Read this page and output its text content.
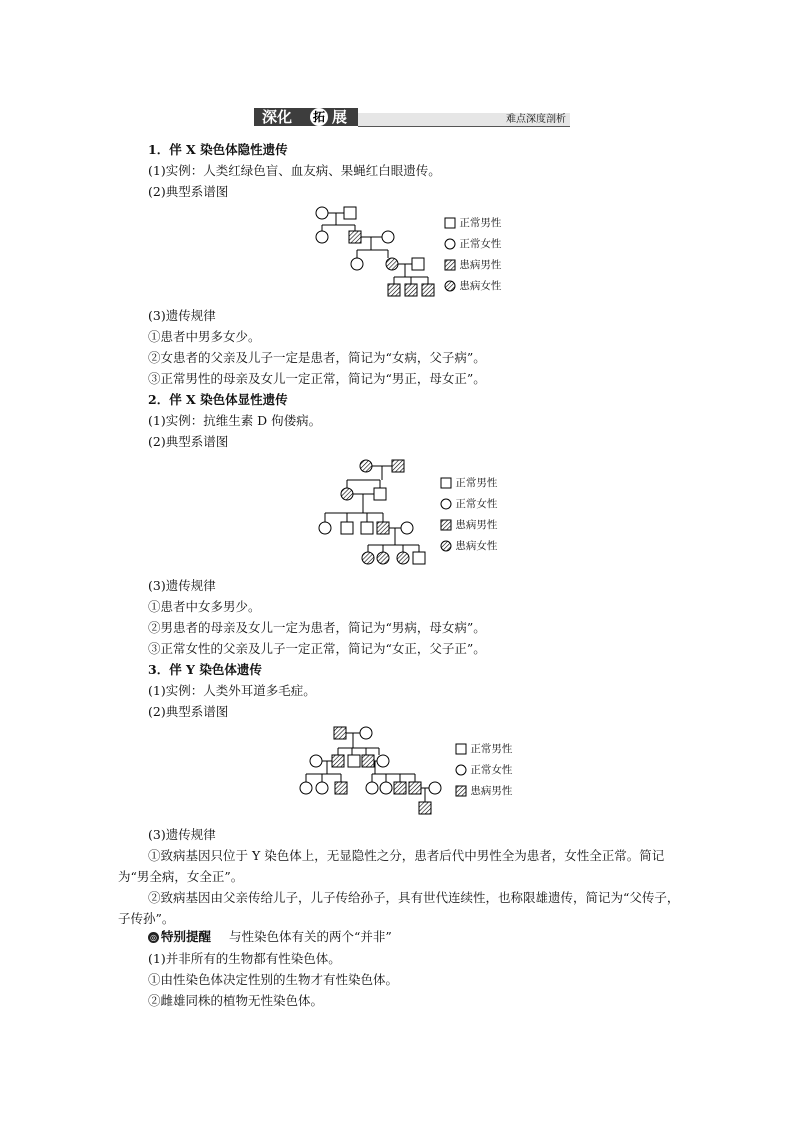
深化 拓 展	难点深度剖析
1．伴 X 染色体隐性遗传
(1)实例：人类红绿色盲、血友病、果蝇红白眼遗传。
(2)典型系谱图
正常男性
正常女性
患病男性
患病女性
(3)遗传规律
①患者中男多女少。
②女患者的父亲及儿子一定是患者，简记为“女病，父子病”。
③正常男性的母亲及女儿一定正常，简记为“男正，母女正”。
2．伴 X 染色体显性遗传
(1)实例：抗维生素 D 佝偻病。
(2)典型系谱图
正常男性
正常女性
患病男性
患病女性
(3)遗传规律
①患者中女多男少。
②男患者的母亲及女儿一定为患者，简记为“男病，母女病”。
③正常女性的父亲及儿子一定正常，简记为“女正，父子正”。
3．伴 Y 染色体遗传
(1)实例：人类外耳道多毛症。
(2)典型系谱图
正常男性
正常女性
患病男性
(3)遗传规律
①致病基因只位于 Y 染色体上，无显隐性之分，患者后代中男性全为患者，女性全正常。简记为“男全病，女全正”。
②致病基因由父亲传给儿子，儿子传给孙子，具有世代连续性，也称限雄遗传，简记为“父传子，子传孙”。
◎ 特别提醒 与性染色体有关的两个“并非”
(1)并非所有的生物都有性染色体。
①由性染色体决定性别的生物才有性染色体。
②雌雄同株的植物无性染色体。
